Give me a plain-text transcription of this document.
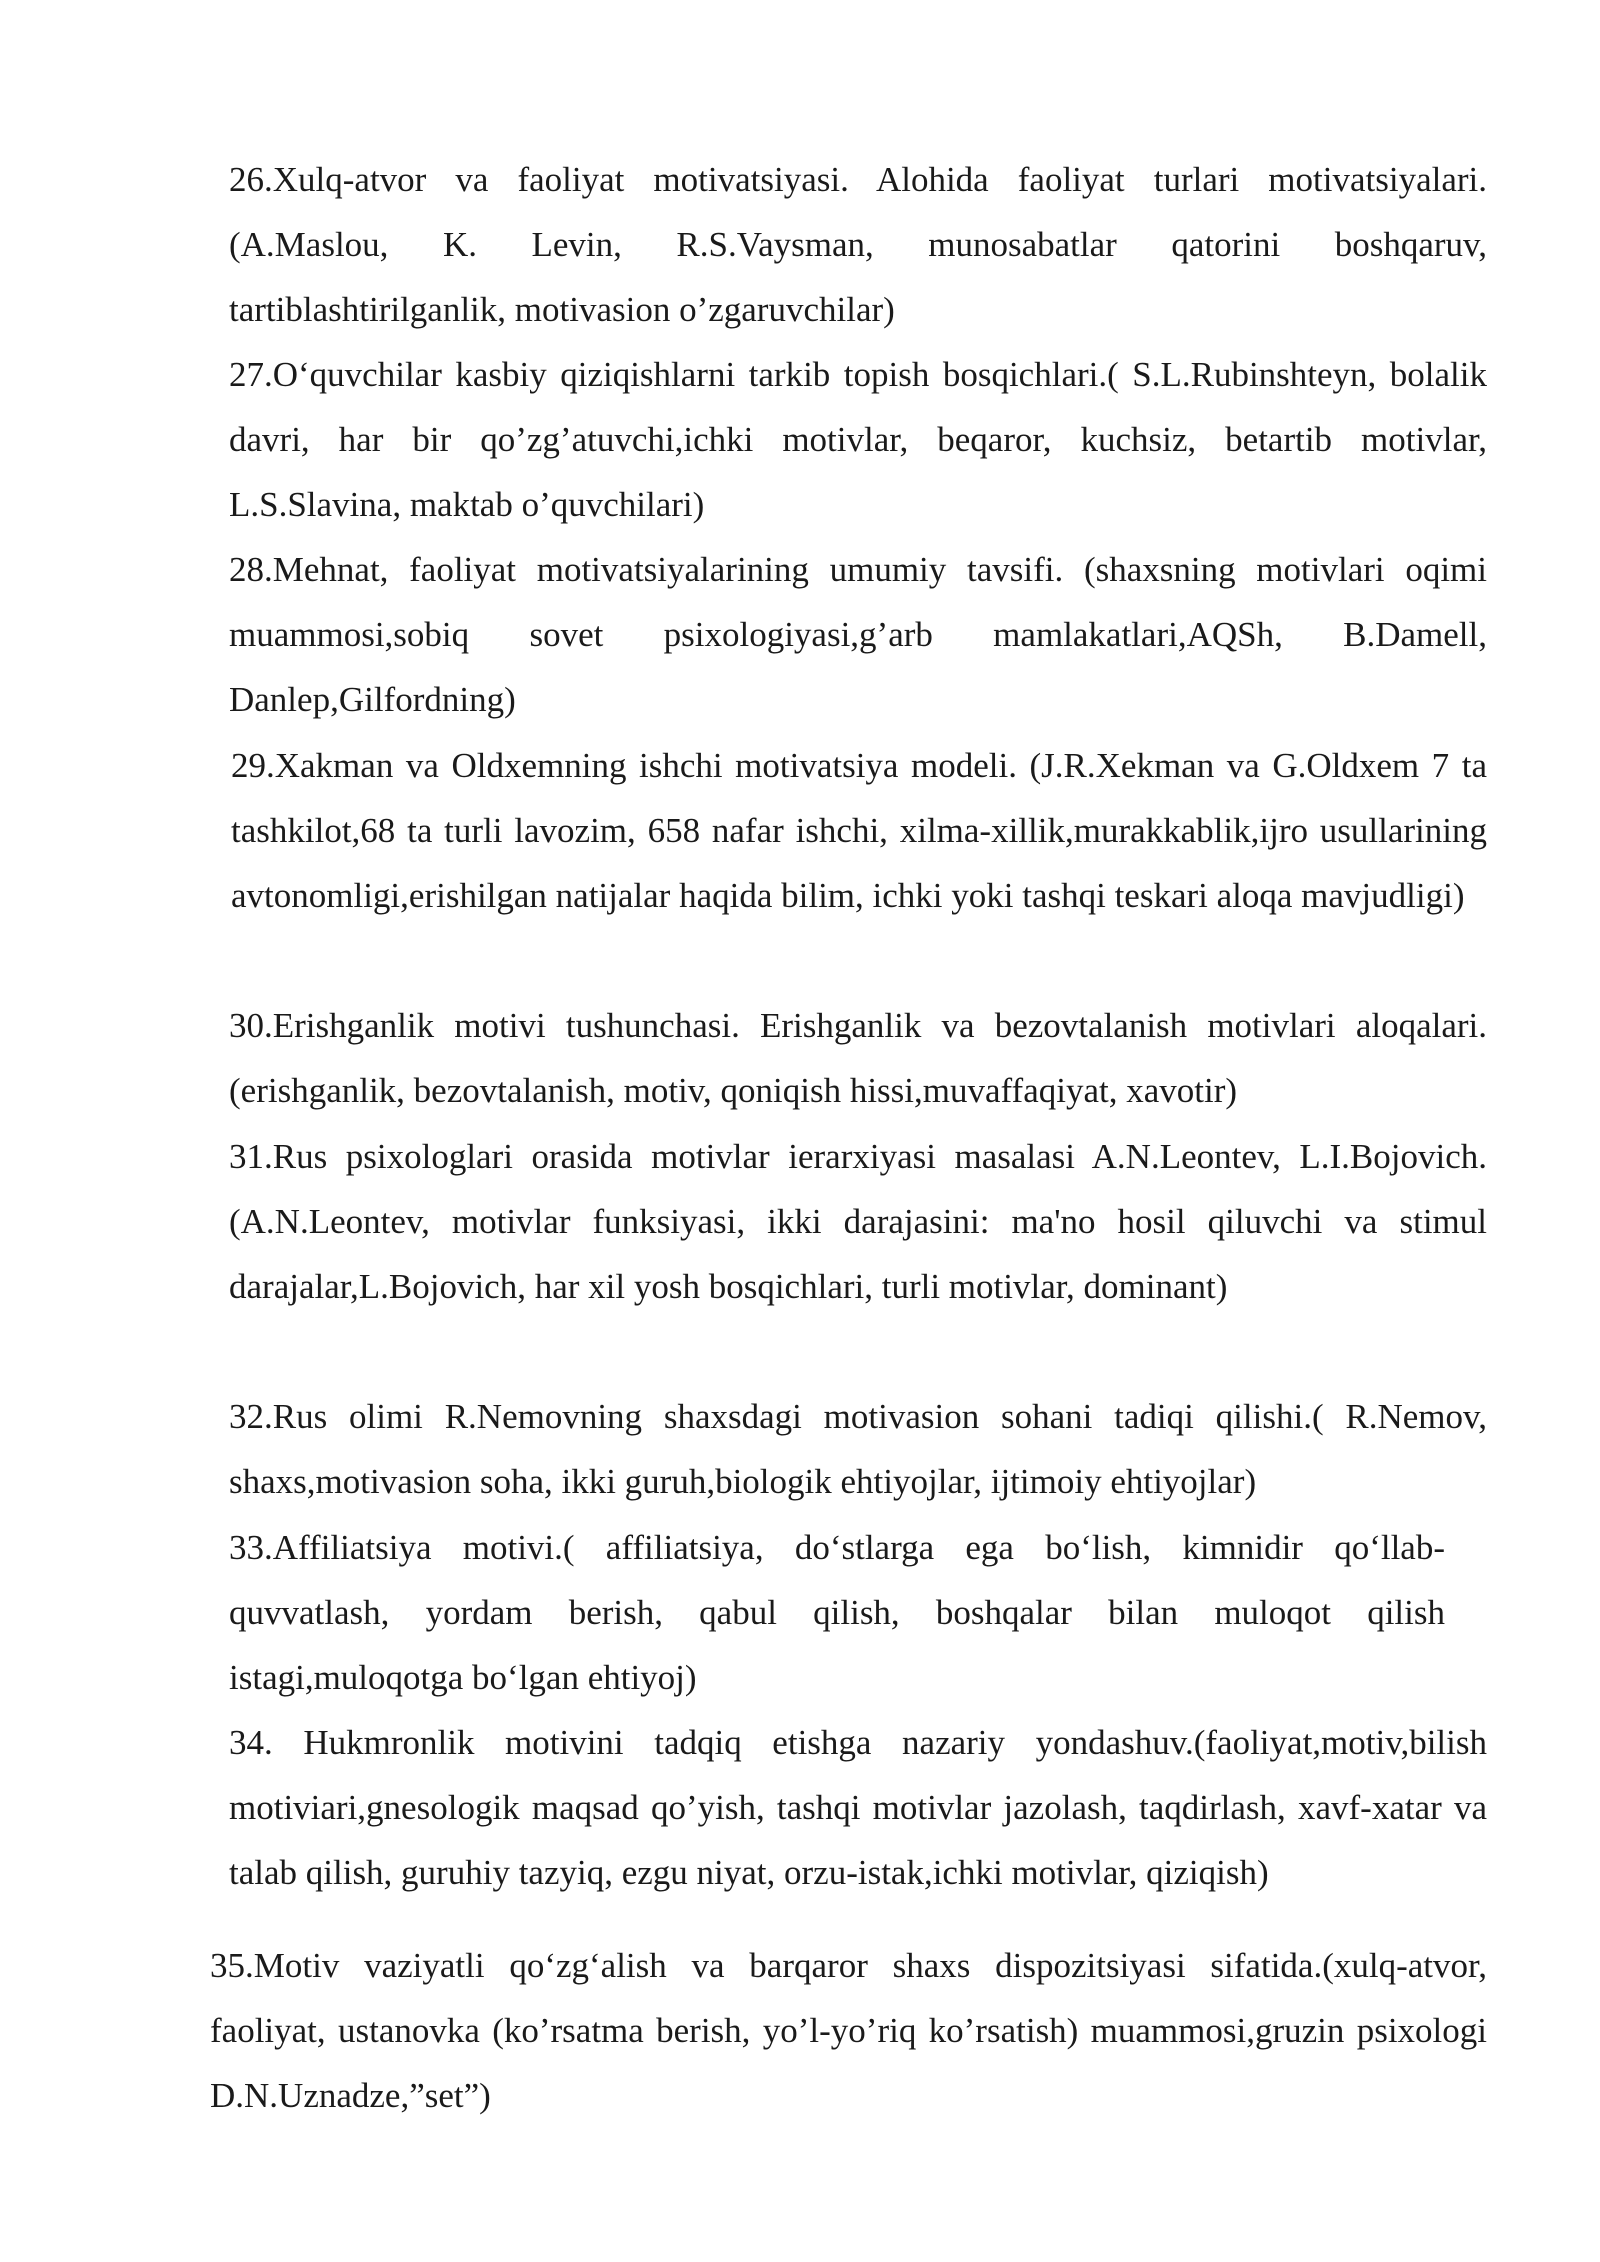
26.Xulq-atvor va faoliyat motivatsiyasi. Alohida faoliyat turlari motivatsiyalari. (A.Maslou, K. Levin, R.S.Vaysman, munosabatlar qatorini boshqaruv, tartiblashtirilganlik, motivasion o’zgaruvchilar)

27.O‘quvchilar kasbiy qiziqishlarni tarkib topish bosqichlari.( S.L.Rubinshteyn, bolalik davri, har bir qo’zg’atuvchi,ichki motivlar, beqaror, kuchsiz, betartib motivlar, L.S.Slavina, maktab o’quvchilari)

28.Mehnat, faoliyat motivatsiyalarining umumiy tavsifi. (shaxsning motivlari oqimi muammosi,sobiq sovet psixologiyasi,g’arb mamlakatlari,AQSh, B.Damell, Danlep,Gilfordning)

29.Xakman va Oldxemning ishchi motivatsiya modeli. (J.R.Xekman va G.Oldxem 7 ta tashkilot,68 ta turli lavozim, 658 nafar ishchi, xilma-xillik,murakkablik,ijro usullarining avtonomligi,erishilgan natijalar haqida bilim, ichki yoki tashqi teskari aloqa mavjudligi)

30.Erishganlik motivi tushunchasi. Erishganlik va bezovtalanish motivlari aloqalari.(erishganlik, bezovtalanish, motiv, qoniqish hissi,muvaffaqiyat, xavotir)

31.Rus psixologlari orasida motivlar ierarxiyasi masalasi A.N.Leontev, L.I.Bojovich.(A.N.Leontev, motivlar funksiyasi, ikki darajasini: ma'no hosil qiluvchi va stimul darajalar,L.Bojovich, har xil yosh bosqichlari, turli motivlar, dominant)

32.Rus olimi R.Nemovning shaxsdagi motivasion sohani tadiqi qilishi.( R.Nemov, shaxs,motivasion soha, ikki guruh,biologik ehtiyojlar, ijtimoiy ehtiyojlar)

33.Affiliatsiya motivi.( affiliatsiya, do‘stlarga ega bo‘lish, kimnidir qo‘llab-quvvatlash, yordam berish, qabul qilish, boshqalar bilan muloqot qilish istagi,muloqotga bo‘lgan ehtiyoj)

34. Hukmronlik motivini tadqiq etishga nazariy yondashuv.(faoliyat,motiv,bilish motiviari,gnesologik maqsad qo’yish, tashqi motivlar jazolash, taqdirlash, xavf-xatar va talab qilish, guruhiy tazyiq, ezgu niyat, orzu-istak,ichki motivlar, qiziqish)

35.Motiv vaziyatli qo‘zg‘alish va barqaror shaxs dispozitsiyasi sifatida.(xulq-atvor, faoliyat, ustanovka (ko’rsatma berish, yo’l-yo’riq ko’rsatish) muammosi,gruzin psixologi D.N.Uznadze,”set”)
